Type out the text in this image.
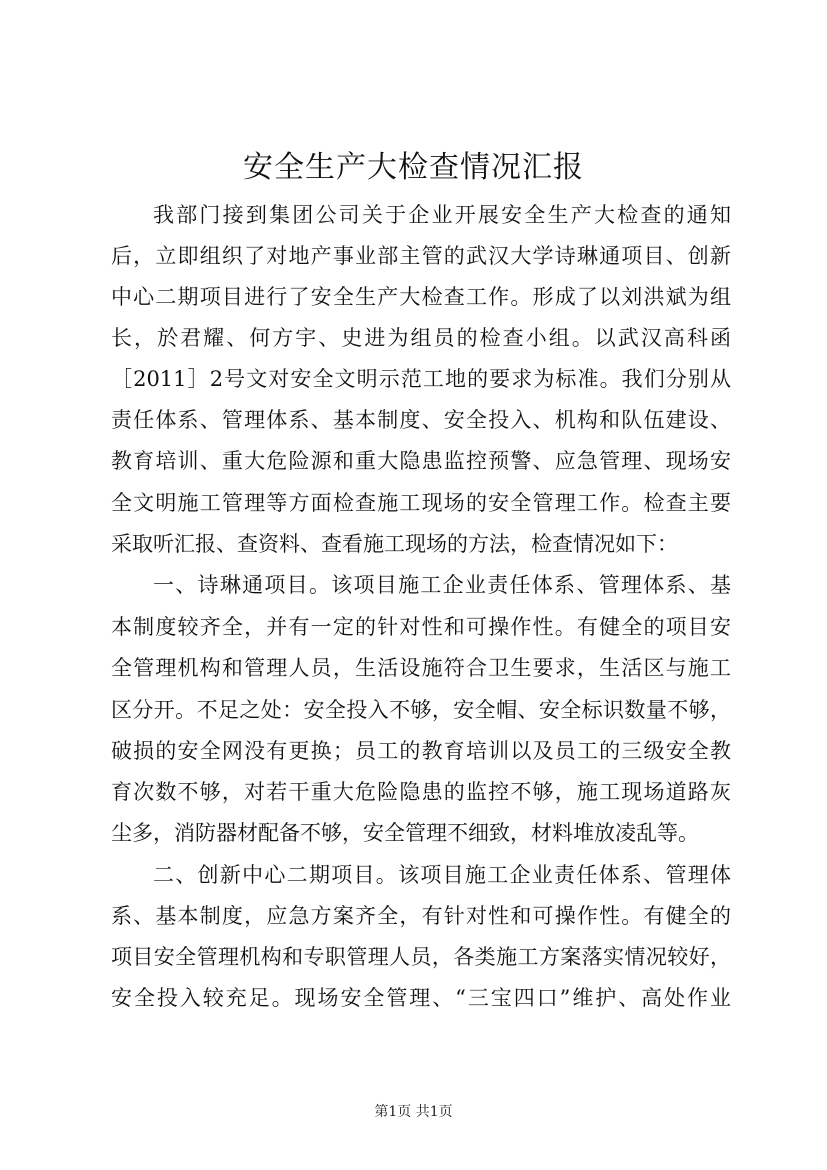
安全生产大检查情况汇报

我部门接到集团公司关于企业开展安全生产大检查的通知

后，立即组织了对地产事业部主管的武汉大学诗琳通项目、创新

中心二期项目进行了安全生产大检查工作。形成了以刘洪斌为组

长，於君耀、何方宇、史进为组员的检查小组。以武汉高科函

［2011］2号文对安全文明示范工地的要求为标准。我们分别从

责任体系、管理体系、基本制度、安全投入、机构和队伍建设、

教育培训、重大危险源和重大隐患监控预警、应急管理、现场安

全文明施工管理等方面检查施工现场的安全管理工作。检查主要

采取听汇报、查资料、查看施工现场的方法，检查情况如下：

一、诗琳通项目。该项目施工企业责任体系、管理体系、基

本制度较齐全，并有一定的针对性和可操作性。有健全的项目安

全管理机构和管理人员，生活设施符合卫生要求，生活区与施工

区分开。不足之处：安全投入不够，安全帽、安全标识数量不够，

破损的安全网没有更换；员工的教育培训以及员工的三级安全教

育次数不够，对若干重大危险隐患的监控不够，施工现场道路灰

尘多，消防器材配备不够，安全管理不细致，材料堆放凌乱等。

二、创新中心二期项目。该项目施工企业责任体系、管理体

系、基本制度，应急方案齐全，有针对性和可操作性。有健全的

项目安全管理机构和专职管理人员，各类施工方案落实情况较好，

安全投入较充足。现场安全管理、“三宝四口”维护、高处作业

第1页 共1页
